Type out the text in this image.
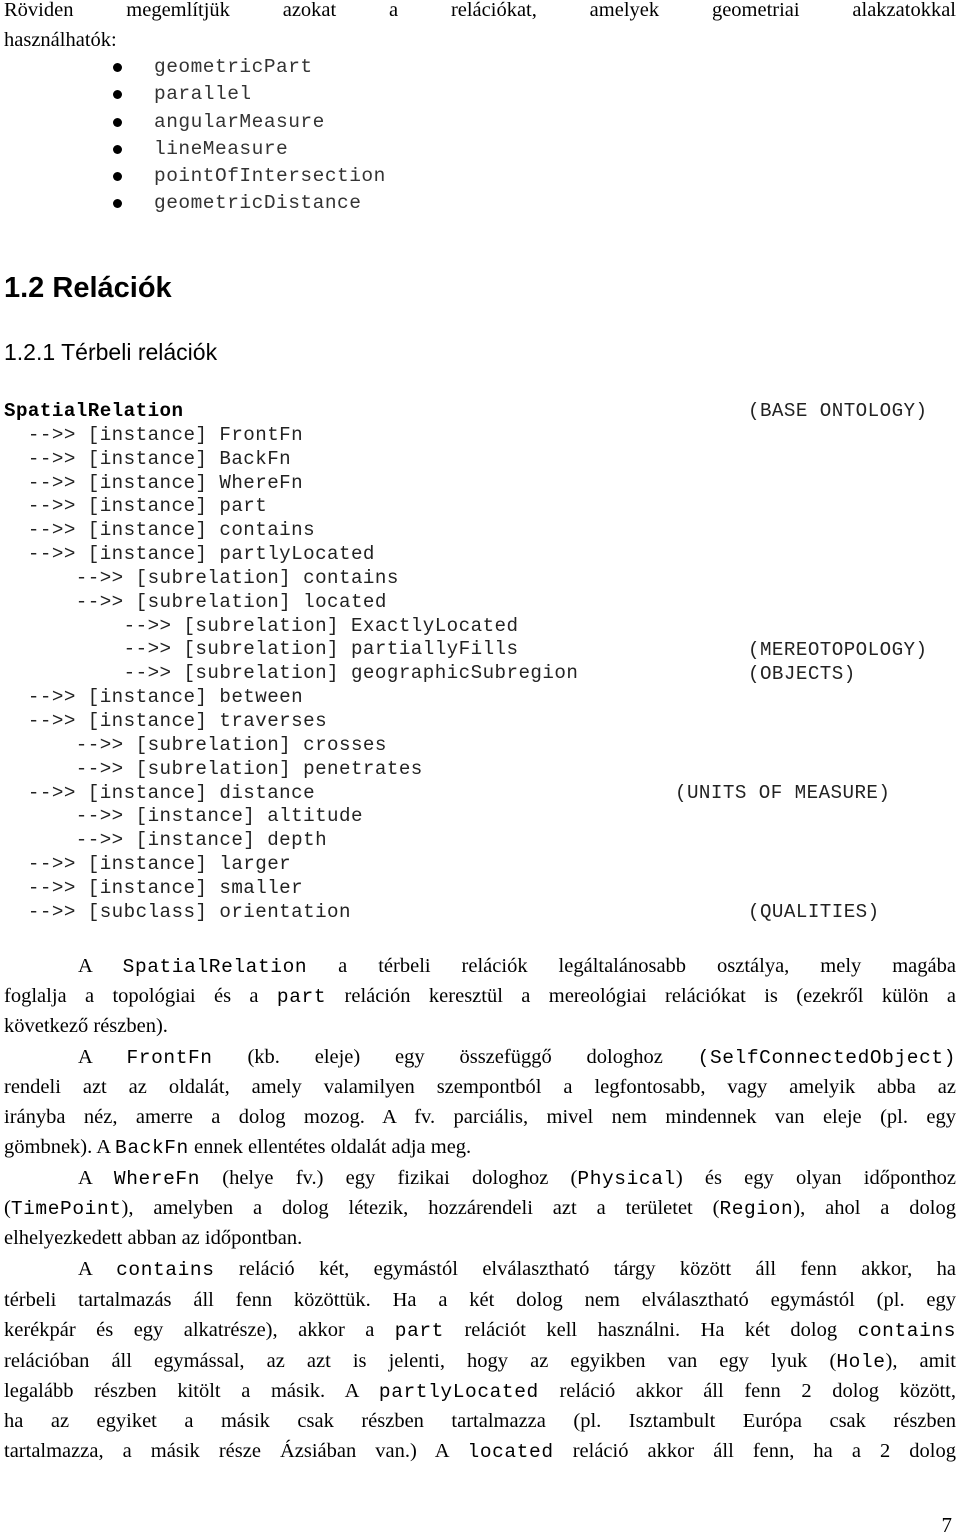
Röviden megemlítjük azokat a relációkat, amelyek geometriai alakzatokkal
használhatók:
geometricPart
parallel
angularMeasure
lineMeasure
pointOfIntersection
geometricDistance
1.2 Relációk
1.2.1 Térbeli relációk
SpatialRelation
-->> [instance] FrontFn
-->> [instance] BackFn
-->> [instance] WhereFn
-->> [instance] part
-->> [instance] contains
-->> [instance] partlyLocated
-->> [subrelation] contains
-->> [subrelation] located
-->> [subrelation] ExactlyLocated
-->> [subrelation] partiallyFills
-->> [subrelation] geographicSubregion
-->> [instance] between
-->> [instance] traverses
-->> [subrelation] crosses
-->> [subrelation] penetrates
-->> [instance] distance
-->> [instance] altitude
-->> [instance] depth
-->> [instance] larger
-->> [instance] smaller
-->> [subclass] orientation
(BASE ONTOLOGY)
(MEREOTOPOLOGY)
(OBJECTS)
(UNITS OF MEASURE)
(QUALITIES)
A SpatialRelation a térbeli relációk legáltalánosabb osztálya, mely magába
foglalja a topológiai és a part reláción keresztül a mereológiai relációkat is (ezekről külön a
következő részben).
A FrontFn (kb. eleje) egy összefüggő dologhoz (SelfConnectedObject)
rendeli azt az oldalát, amely valamilyen szempontból a legfontosabb, vagy amelyik abba az
irányba néz, amerre a dolog mozog. A fv. parciális, mivel nem mindennek van eleje (pl. egy
gömbnek). A BackFn ennek ellentétes oldalát adja meg.
A WhereFn (helye fv.) egy fizikai dologhoz (Physical) és egy olyan időponthoz
(TimePoint), amelyben a dolog létezik, hozzárendeli azt a területet (Region), ahol a dolog
elhelyezkedett abban az időpontban.
A contains reláció két, egymástól elválasztható tárgy között áll fenn akkor, ha
térbeli tartalmazás áll fenn közöttük. Ha a két dolog nem elválasztható egymástól (pl. egy
kerékpár és egy alkatrésze), akkor a part relációt kell használni. Ha két dolog contains
relációban áll egymással, az azt is jelenti, hogy az egyikben van egy lyuk (Hole), amit
legalább részben kitölt a másik. A partlyLocated reláció akkor áll fenn 2 dolog között,
ha az egyiket a másik csak részben tartalmazza (pl. Isztambult Európa csak részben
tartalmazza, a másik része Ázsiában van.) A located reláció akkor áll fenn, ha a 2 dolog
7
